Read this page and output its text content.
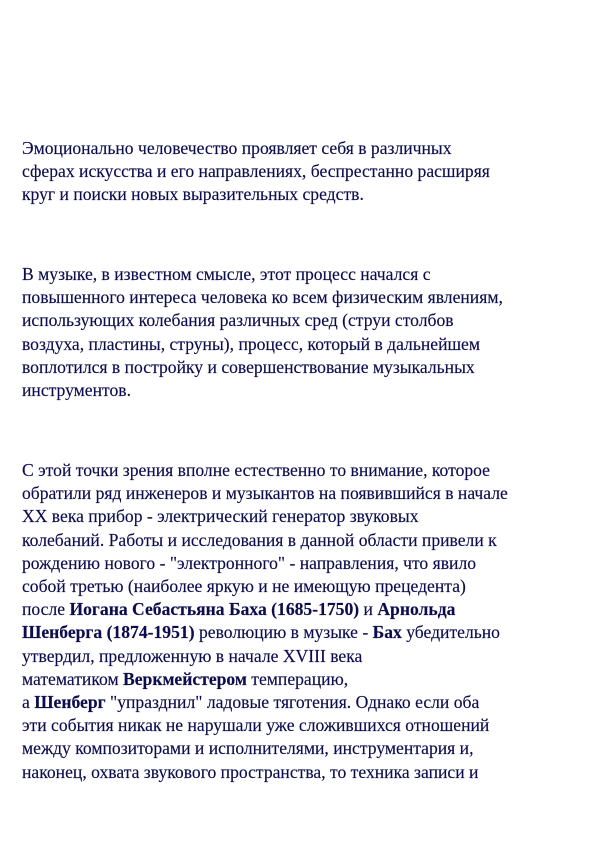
Эмоционально человечество проявляет себя в различных
сферах искусства и его направлениях, беспрестанно расширяя
круг и поиски новых выразительных средств.
В музыке, в известном смысле, этот процесс начался с
повышенного интереса человека ко всем физическим явлениям,
использующих колебания различных сред (струи столбов
воздуха, пластины, струны), процесс, который в дальнейшем
воплотился в постройку и совершенствование музыкальных
инструментов.
С этой точки зрения вполне естественно то внимание, которое
обратили ряд инженеров и музыкантов на появившийся в начале
XX века прибор - электрический генератор звуковых
колебаний. Работы и исследования в данной области привели к
рождению нового - "электронного" - направления, что явило
собой третью (наиболее яркую и не имеющую прецедента)
после Иогана Себастьяна Баха (1685-1750) и Арнольда
Шенберга (1874-1951) революцию в музыке - Бах убедительно
утвердил, предложенную в начале XVIII века
математиком Веркмейстером темперацию,
а Шенберг "упразднил" ладовые тяготения. Однако если оба
эти события никак не нарушали уже сложившихся отношений
между композиторами и исполнителями, инструментария и,
наконец, охвата звукового пространства, то техника записи и
